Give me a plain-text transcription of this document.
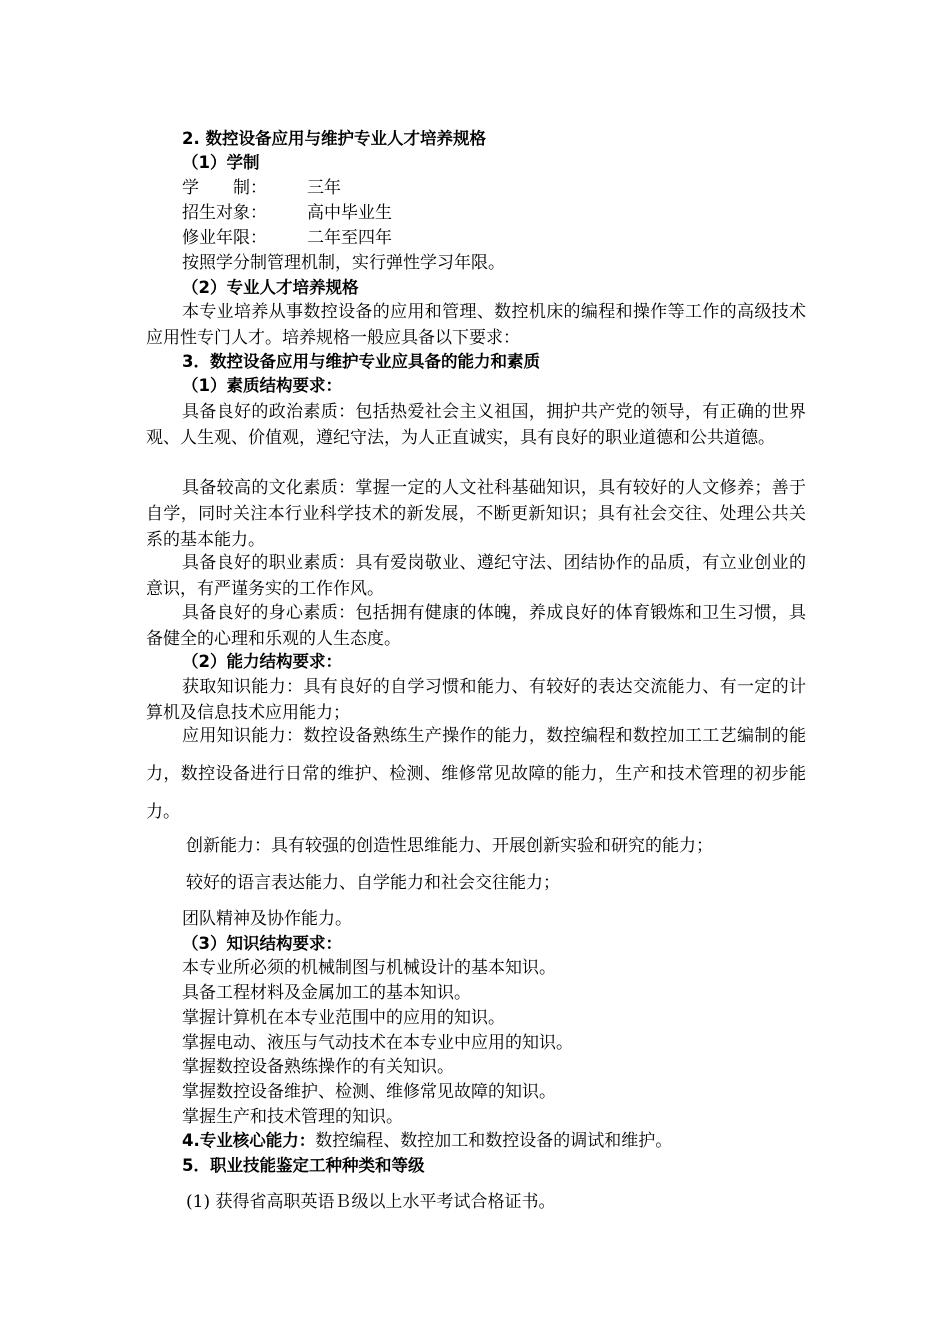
2. 数控设备应用与维护专业人才培养规格
（1）学制
学　　制： 三年
招生对象： 高中毕业生
修业年限： 二年至四年
按照学分制管理机制，实行弹性学习年限。
（2）专业人才培养规格
本专业培养从事数控设备的应用和管理、数控机床的编程和操作等工作的高级技术应用性专门人才。培养规格一般应具备以下要求：
3．数控设备应用与维护专业应具备的能力和素质
（1）素质结构要求：
具备良好的政治素质：包括热爱社会主义祖国，拥护共产党的领导，有正确的世界观、人生观、价值观，遵纪守法，为人正直诚实，具有良好的职业道德和公共道德。
具备较高的文化素质：掌握一定的人文社科基础知识，具有较好的人文修养；善于自学，同时关注本行业科学技术的新发展，不断更新知识；具有社会交往、处理公共关系的基本能力。
具备良好的职业素质：具有爱岗敬业、遵纪守法、团结协作的品质，有立业创业的意识，有严谨务实的工作作风。
具备良好的身心素质：包括拥有健康的体魄，养成良好的体育锻炼和卫生习惯，具备健全的心理和乐观的人生态度。
（2）能力结构要求：
获取知识能力：具有良好的自学习惯和能力、有较好的表达交流能力、有一定的计算机及信息技术应用能力；
应用知识能力：数控设备熟练生产操作的能力，数控编程和数控加工工艺编制的能力，数控设备进行日常的维护、检测、维修常见故障的能力，生产和技术管理的初步能力。
创新能力：具有较强的创造性思维能力、开展创新实验和研究的能力；
较好的语言表达能力、自学能力和社会交往能力；
团队精神及协作能力。
（3）知识结构要求：
本专业所必须的机械制图与机械设计的基本知识。
具备工程材料及金属加工的基本知识。
掌握计算机在本专业范围中的应用的知识。
掌握电动、液压与气动技术在本专业中应用的知识。
掌握数控设备熟练操作的有关知识。
掌握数控设备维护、检测、维修常见故障的知识。
掌握生产和技术管理的知识。
4.专业核心能力：数控编程、数控加工和数控设备的调试和维护。
5．职业技能鉴定工种种类和等级
(1) 获得省高职英语Ｂ级以上水平考试合格证书。
